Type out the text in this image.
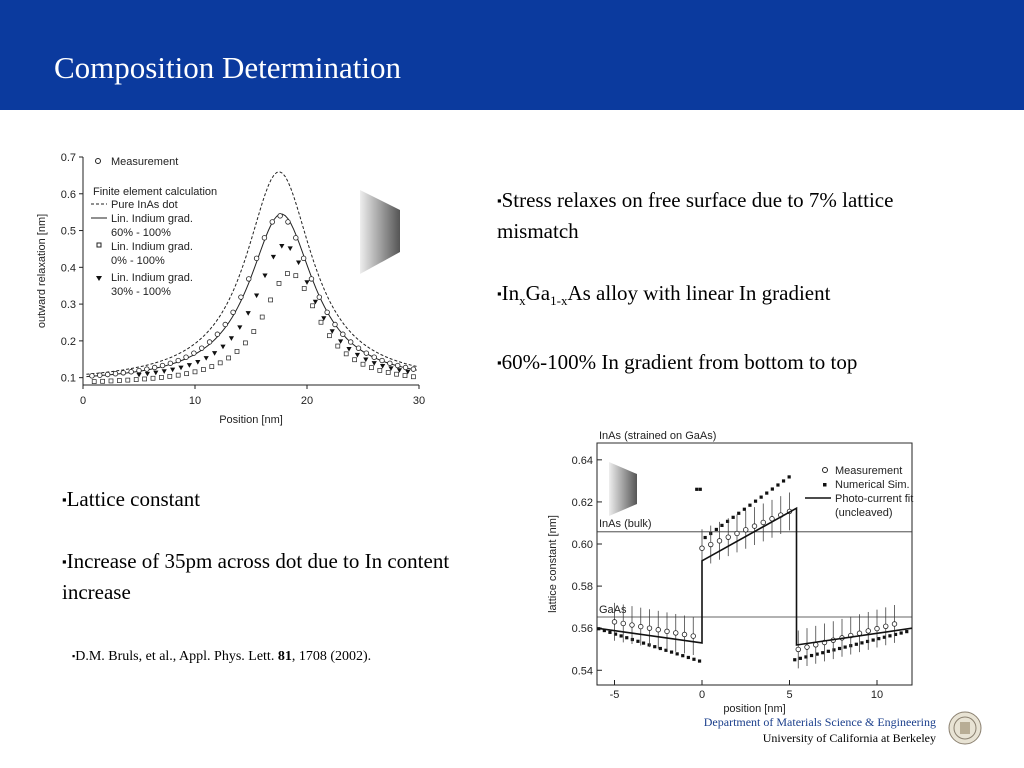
Composition Determination
0	10	20	30
0.1
0.2
0.3
0.4
0.5
0.6
0.7
Position [nm]
outward relaxation [nm]
Measurement
Finite element calculation
Pure InAs dot
Lin. Indium grad.
60% - 100%
Lin. Indium grad.
0% - 100%
Lin. Indium grad.
30% - 100%

▪Stress relaxes on free surface due to 7% lattice mismatch

$▪In_xGa_{1-x}As$ alloy with linear In gradient

▪60%-100% In gradient from bottom to top

▪Lattice constant

▪Increase of 35pm across dot due to In content increase

▪D.M. Bruls, et al., Appl. Phys. Lett. 81, 1708 (2002).
-5	0	5	10
0.54
0.56
0.58
0.60
0.62
0.64
position [nm]
lattice constant [nm]
InAs (strained on GaAs)
InAs (bulk)
GaAs
Measurement
Numerical Sim.
Photo-current fit
(uncleaved)
Department of Materials Science & Engineering
University of California at Berkeley
